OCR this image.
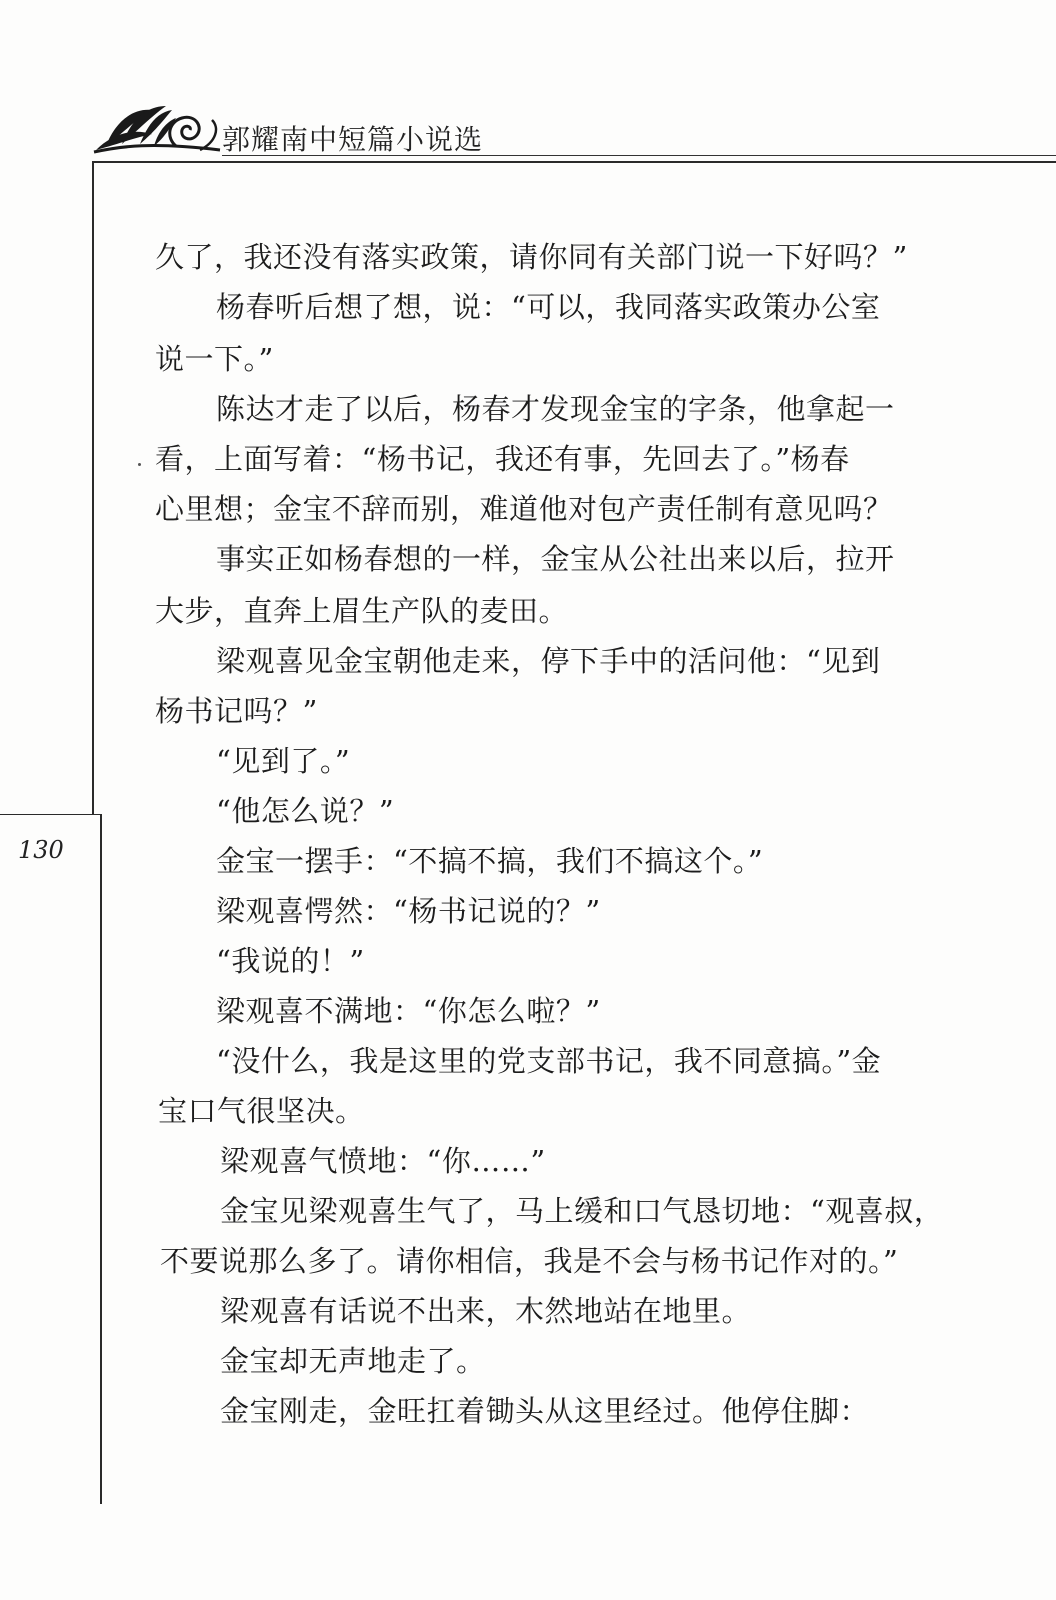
郭耀南中短篇小说选
130
久了，我还没有落实政策，请你同有关部门说一下好吗？”
杨春听后想了想，说：“可以，我同落实政策办公室
说一下。”
陈达才走了以后，杨春才发现金宝的字条，他拿起一
看，上面写着：“杨书记，我还有事，先回去了。”杨春
心里想；金宝不辞而别，难道他对包产责任制有意见吗？
事实正如杨春想的一样，金宝从公社出来以后，拉开
大步，直奔上眉生产队的麦田。
梁观喜见金宝朝他走来，停下手中的活问他：“见到
杨书记吗？”
“见到了。”
“他怎么说？”
金宝一摆手：“不搞不搞，我们不搞这个。”
梁观喜愕然：“杨书记说的？”
“我说的！”
梁观喜不满地：“你怎么啦？”
“没什么，我是这里的党支部书记，我不同意搞。”金
宝口气很坚决。
梁观喜气愤地：“你……”
金宝见梁观喜生气了，马上缓和口气恳切地：“观喜叔，
不要说那么多了。请你相信，我是不会与杨书记作对的。”
梁观喜有话说不出来，木然地站在地里。
金宝却无声地走了。
金宝刚走，金旺扛着锄头从这里经过。他停住脚：
